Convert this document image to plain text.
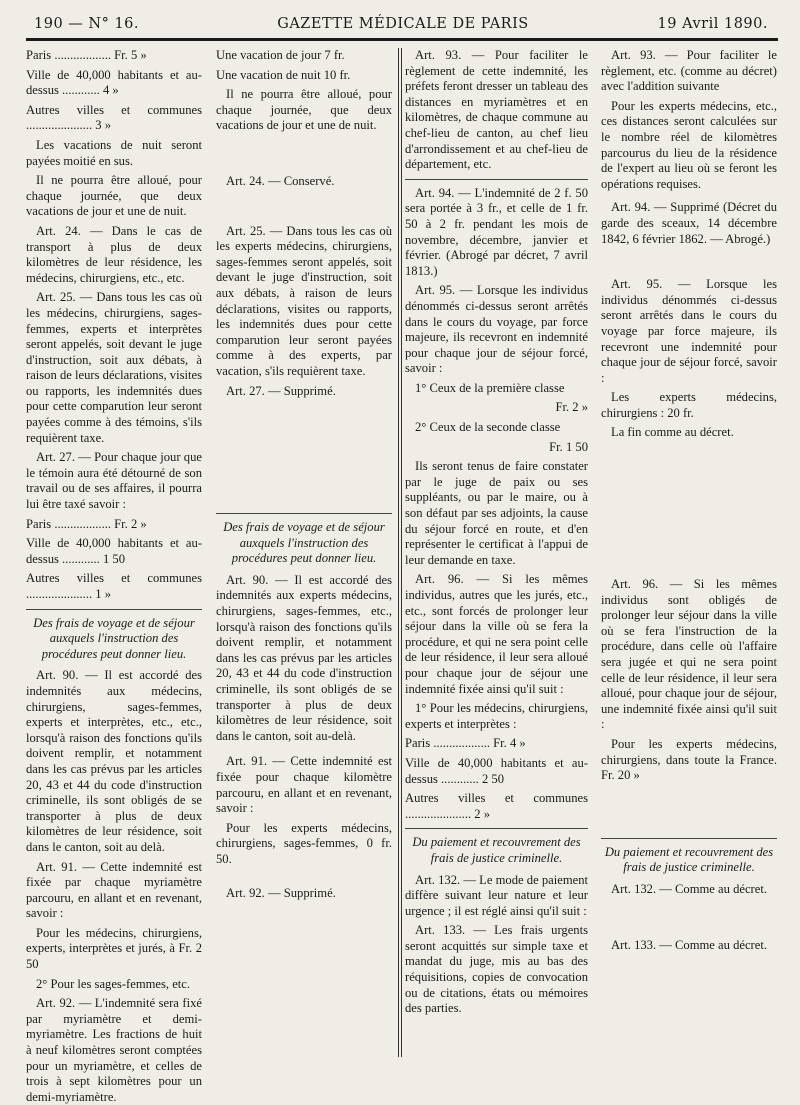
190 — N° 16.	GAZETTE MÉDICALE DE PARIS	19 Avril 1890.

Paris .................. Fr. 5 »

Ville de 40,000 habitants et au-dessus ............ 4 »

Autres villes et communes ..................... 3 »

Les vacations de nuit seront payées moitié en sus.

Il ne pourra être alloué, pour chaque journée, que deux vacations de jour et une de nuit.

Art. 24. — Dans le cas de transport à plus de deux kilomètres de leur résidence, les médecins, chirurgiens, etc., etc.

Art. 25. — Dans tous les cas où les médecins, chirurgiens, sages-femmes, experts et interprètes seront appelés, soit devant le juge d'instruction, soit aux débats, à raison de leurs déclarations, visites ou rapports, les indemnités dues pour cette comparution leur seront payées comme à des témoins, s'ils requièrent taxe.

Art. 27. — Pour chaque jour que le témoin aura été détourné de son travail ou de ses affaires, il pourra lui être taxé savoir :

Paris .................. Fr. 2 »

Ville de 40,000 habitants et au-dessus ............ 1 50

Autres villes et communes ..................... 1 »

Des frais de voyage et de séjour auxquels l'instruction des procédures peut donner lieu.

Art. 90. — Il est accordé des indemnités aux médecins, chirurgiens, sages-femmes, experts et interprètes, etc., etc., lorsqu'à raison des fonctions qu'ils doivent remplir, et notamment dans les cas prévus par les articles 20, 43 et 44 du code d'instruction criminelle, ils sont obligés de se transporter à plus de deux kilomètres de leur résidence, soit dans le canton, soit au delà.

Art. 91. — Cette indemnité est fixée par chaque myriamètre parcouru, en allant et en revenant, savoir :

Pour les médecins, chirurgiens, experts, interprètes et jurés, à Fr. 2 50

2° Pour les sages-femmes, etc.

Art. 92. — L'indemnité sera fixé par myriamètre et demi-myriamètre. Les fractions de huit à neuf kilomètres seront comptées pour un myriamètre, et celles de trois à sept kilomètres pour un demi-myriamètre.

Une vacation de jour 7 fr.

Une vacation de nuit 10 fr.

Il ne pourra être alloué, pour chaque journée, que deux vacations de jour et une de nuit.

Art. 24. — Conservé.

Art. 25. — Dans tous les cas où les experts médecins, chirurgiens, sages-femmes seront appelés, soit devant le juge d'instruction, soit aux débats, à raison de leurs déclarations, visites ou rapports, les indemnités dues pour cette comparution leur seront payées comme à des experts, par vacation, s'ils requièrent taxe.

Art. 27. — Supprimé.

Des frais de voyage et de séjour auxquels l'instruction des procédures peut donner lieu.

Art. 90. — Il est accordé des indemnités aux experts médecins, chirurgiens, sages-femmes, etc., lorsqu'à raison des fonctions qu'ils doivent remplir, et notamment dans les cas prévus par les articles 20, 43 et 44 du code d'instruction criminelle, ils sont obligés de se transporter à plus de deux kilomètres de leur résidence, soit dans le canton, soit au-delà.

Art. 91. — Cette indemnité est fixée pour chaque kilomètre parcouru, en allant et en revenant, savoir :

Pour les experts médecins, chirurgiens, sages-femmes, 0 fr. 50.

Art. 92. — Supprimé.

Art. 93. — Pour faciliter le règlement de cette indemnité, les préfets feront dresser un tableau des distances en myriamètres et en kilomètres, de chaque commune au chef-lieu de canton, au chef lieu d'arrondissement et au chef-lieu de département, etc.

Art. 94. — L'indemnité de 2 f. 50 sera portée à 3 fr., et celle de 1 fr. 50 à 2 fr. pendant les mois de novembre, décembre, janvier et février. (Abrogé par décret, 7 avril 1813.)

Art. 95. — Lorsque les individus dénommés ci-dessus seront arrêtés dans le cours du voyage, par force majeure, ils recevront en indemnité pour chaque jour de séjour forcé, savoir :

1° Ceux de la première classe

Fr. 2 »

2° Ceux de la seconde classe

Fr. 1 50

Ils seront tenus de faire constater par le juge de paix ou ses suppléants, ou par le maire, ou à son défaut par ses adjoints, la cause du séjour forcé en route, et d'en représenter le certificat à l'appui de leur demande en taxe.

Art. 96. — Si les mêmes individus, autres que les jurés, etc., etc., sont forcés de prolonger leur séjour dans la ville où se fera la procédure, et qui ne sera point celle de leur résidence, il leur sera alloué pour chaque jour de séjour une indemnité fixée ainsi qu'il suit :

1° Pour les médecins, chirurgiens, experts et interprètes :

Paris .................. Fr. 4 »

Ville de 40,000 habitants et au-dessus ............ 2 50

Autres villes et communes ..................... 2 »

Du paiement et recouvrement des frais de justice criminelle.

Art. 132. — Le mode de paiement diffère suivant leur nature et leur urgence ; il est réglé ainsi qu'il suit :

Art. 133. — Les frais urgents seront acquittés sur simple taxe et mandat du juge, mis au bas des réquisitions, copies de convocation ou de citations, états ou mémoires des parties.

Art. 93. — Pour faciliter le règlement, etc. (comme au décret) avec l'addition suivante

Pour les experts médecins, etc., ces distances seront calculées sur le nombre réel de kilomètres parcourus du lieu de la résidence de l'expert au lieu où se feront les opérations requises.

Art. 94. — Supprimé (Décret du garde des sceaux, 14 décembre 1842, 6 février 1862. — Abrogé.)

Art. 95. — Lorsque les individus dénommés ci-dessus seront arrêtés dans le cours du voyage par force majeure, ils recevront une indemnité pour chaque jour de séjour forcé, savoir :

Les experts médecins, chirurgiens : 20 fr.

La fin comme au décret.

Art. 96. — Si les mêmes individus sont obligés de prolonger leur séjour dans la ville où se fera l'instruction de la procédure, dans celle où l'affaire sera jugée et qui ne sera point celle de leur résidence, il leur sera alloué, pour chaque jour de séjour, une indemnité fixée ainsi qu'il suit :

Pour les experts médecins, chirurgiens, dans toute la France. Fr. 20 »

Du paiement et recouvrement des frais de justice criminelle.

Art. 132. — Comme au décret.

Art. 133. — Comme au décret.
